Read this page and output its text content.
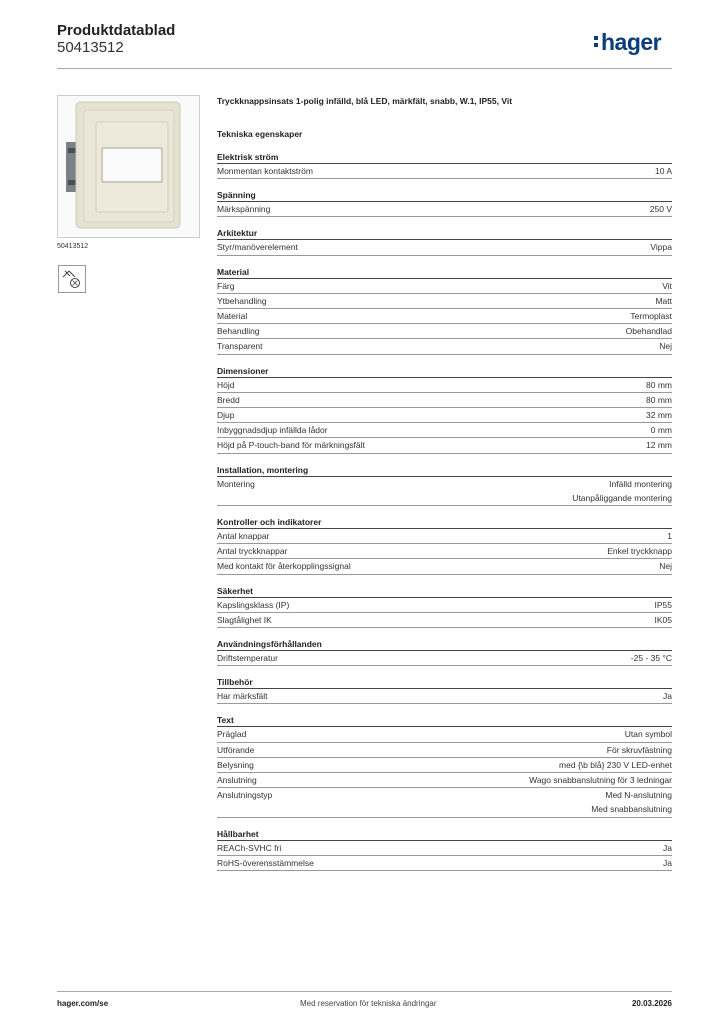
Produktdatablad
50413512	hager
50413512
Tryckknappsinsats 1-polig infälld, blå LED, märkfält, snabb, W.1, IP55, Vit
Tekniska egenskaper
Elektrisk ström
Monmentan kontaktström	10 A
Spänning
Märkspänning	250 V
Arkitektur
Styr/manöverelement	Vippa
Material
Färg	Vit
Ytbehandling	Matt
Material	Termoplast
Behandling	Obehandlad
Transparent	Nej
Dimensioner
Höjd	80 mm
Bredd	80 mm
Djup	32 mm
Inbyggnadsdjup infällda lådor	0 mm
Höjd på P-touch-band för märkningsfält	12 mm
Installation, montering
Montering	Infälld montering
Utanpåliggande montering
Kontroller och indikatorer
Antal knappar	1
Antal tryckknappar	Enkel tryckknapp
Med kontakt för återkopplingssignal	Nej
Säkerhet
Kapslingsklass (IP)	IP55
Slagtålighet IK	IK05
Användningsförhållanden
Driftstemperatur	-25 - 35 °C
Tillbehör
Har märksfält	Ja
Text
Präglad	Utan symbol
Utförande	För skruvfästning
Belysning	med {\b blå} 230 V LED-enhet
Anslutning	Wago snabbanslutning för 3 ledningar
Anslutningstyp	Med N-anslutning
Med snabbanslutning
Hållbarhet
REACh-SVHC fri	Ja
RoHS-överensstämmelse	Ja
hager.com/se	Med reservation för tekniska ändringar	20.03.2026
